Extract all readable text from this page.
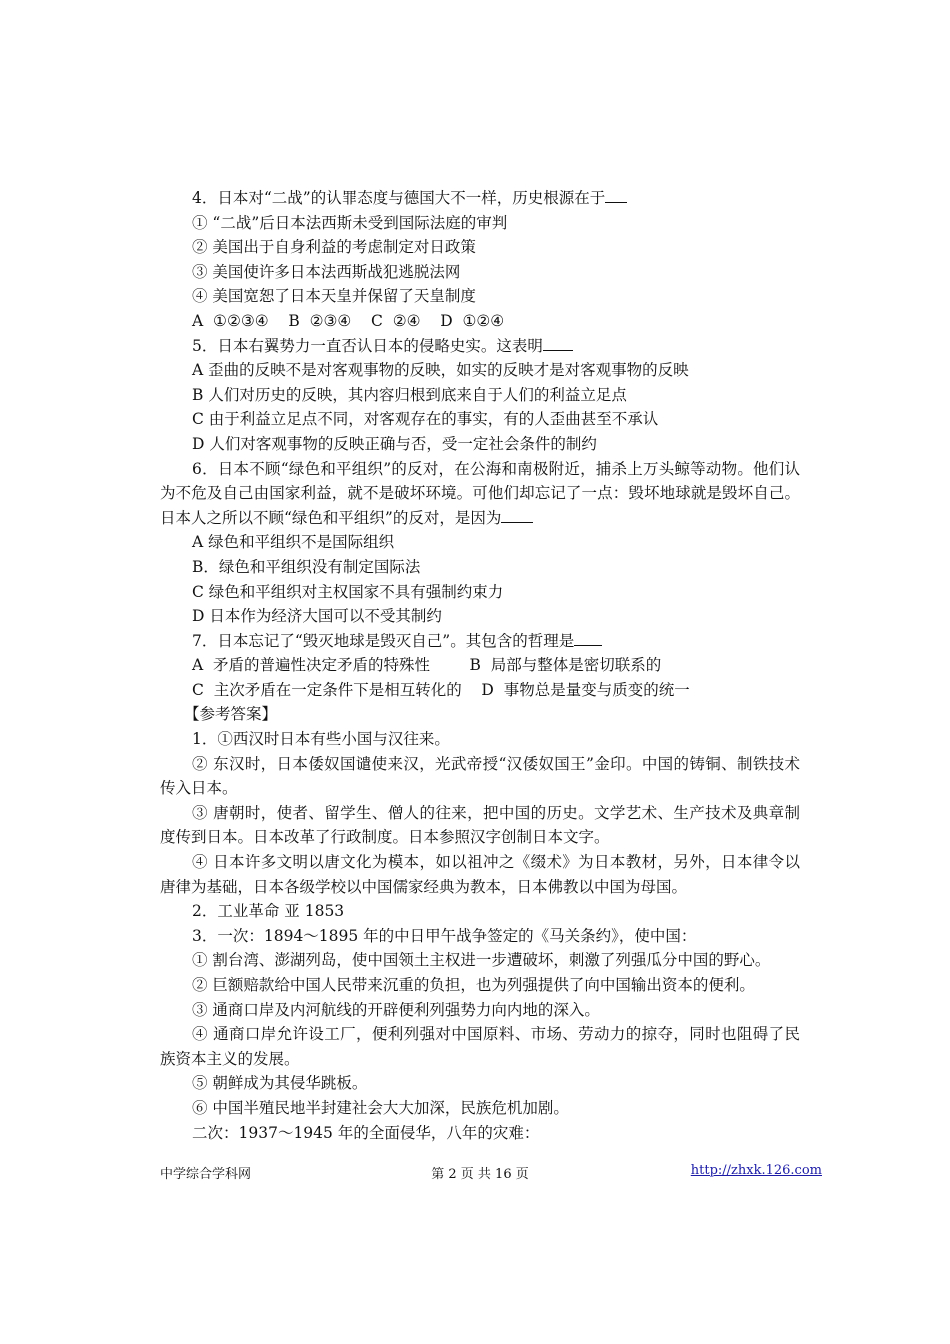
4．日本对“二战”的认罪态度与德国大不一样，历史根源在于
① “二战”后日本法西斯未受到国际法庭的审判
② 美国出于自身利益的考虑制定对日政策
③ 美国使许多日本法西斯战犯逃脱法网
④ 美国宽恕了日本天皇并保留了天皇制度
A  ①②③④    B  ②③④    C  ②④    D  ①②④
5．日本右翼势力一直否认日本的侵略史实。这表明
A 歪曲的反映不是对客观事物的反映，如实的反映才是对客观事物的反映
B 人们对历史的反映，其内容归根到底来自于人们的利益立足点
C 由于利益立足点不同，对客观存在的事实，有的人歪曲甚至不承认
D 人们对客观事物的反映正确与否，受一定社会条件的制约
6．日本不顾“绿色和平组织”的反对，在公海和南极附近，捕杀上万头鲸等动物。他们认为不危及自己由国家利益，就不是破坏环境。可他们却忘记了一点：毁坏地球就是毁坏自己。日本人之所以不顾“绿色和平组织”的反对，是因为
A 绿色和平组织不是国际组织
B．绿色和平组织没有制定国际法
C 绿色和平组织对主权国家不具有强制约束力
D 日本作为经济大国可以不受其制约
7．日本忘记了“毁灭地球是毁灭自己”。其包含的哲理是
A  矛盾的普遍性决定矛盾的特殊性        B  局部与整体是密切联系的
C  主次矛盾在一定条件下是相互转化的    D  事物总是量变与质变的统一
【参考答案】
1．①西汉时日本有些小国与汉往来。
② 东汉时，日本倭奴国谴使来汉，光武帝授“汉倭奴国王”金印。中国的铸铜、制铁技术传入日本。
③ 唐朝时，使者、留学生、僧人的往来，把中国的历史。文学艺术、生产技术及典章制度传到日本。日本改革了行政制度。日本参照汉字创制日本文字。
④ 日本许多文明以唐文化为模本，如以祖冲之《缀术》为日本教材，另外，日本律令以唐律为基础，日本各级学校以中国儒家经典为教本，日本佛教以中国为母国。
2．工业革命 亚 1853
3．一次：1894～1895 年的中日甲午战争签定的《马关条约》，使中国：
① 割台湾、澎湖列岛，使中国领土主权进一步遭破坏，刺激了列强瓜分中国的野心。
② 巨额赔款给中国人民带来沉重的负担，也为列强提供了向中国输出资本的便利。
③ 通商口岸及内河航线的开辟便利列强势力向内地的深入。
④ 通商口岸允许设工厂，便利列强对中国原料、市场、劳动力的掠夺，同时也阻碍了民族资本主义的发展。
⑤ 朝鲜成为其侵华跳板。
⑥ 中国半殖民地半封建社会大大加深，民族危机加剧。
二次：1937～1945 年的全面侵华，八年的灾难：
中学综合学科网	第 2 页 共 16 页	http://zhxk.126.com
